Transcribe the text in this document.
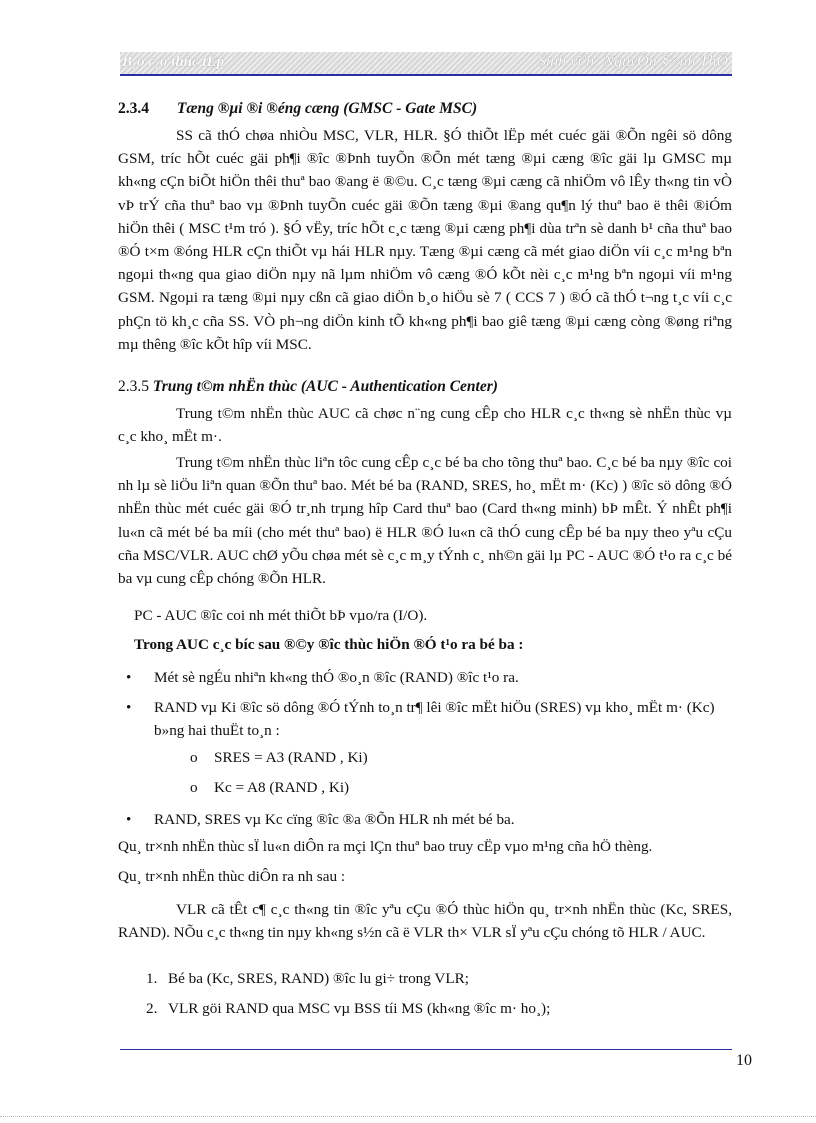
B¸o c¸o thùc tËp	Sinh viªn: NguyÔn §×nh ThÕ
2.3.4 Tæng ®µi ®i ®éng cæng (GMSC - Gate MSC)
SS cã thÓ chøa nhiÒu MSC, VLR, HLR. §Ó thiÕt lËp mét cuéc gäi ®Õn ngêi sö dông GSM, tríc hÕt cuéc gäi ph¶i ®îc ®Þnh tuyÕn ®Õn mét tæng ®µi cæng ®îc gäi lµ GMSC mµ kh«ng cÇn biÕt hiÖn thêi thuª bao ®ang ë ®©u. C¸c tæng ®µi cæng cã nhiÖm vô lÊy th«ng tin vÒ vÞ trÝ cña thuª bao vµ ®Þnh tuyÕn cuéc gäi ®Õn tæng ®µi ®ang qu¶n lý thuª bao ë thêi ®iÓm hiÖn thêi ( MSC t¹m tró ). §Ó vËy, tríc hÕt c¸c tæng ®µi cæng ph¶i dùa trªn sè danh b¹ cña thuª bao ®Ó t×m ®óng HLR cÇn thiÕt vµ hái HLR nµy. Tæng ®µi cæng cã mét giao diÖn víi c¸c m¹ng bªn ngoµi th«ng qua giao diÖn nµy nã lµm nhiÖm vô cæng ®Ó kÕt nèi c¸c m¹ng bªn ngoµi víi m¹ng GSM. Ngoµi ra tæng ®µi nµy cßn cã giao diÖn b¸o hiÖu sè 7 ( CCS 7 ) ®Ó cã thÓ t¬ng t¸c víi c¸c phÇn tö kh¸c cña SS. VÒ ph¬ng diÖn kinh tÕ kh«ng ph¶i bao giê tæng ®µi cæng còng ®øng riªng mµ thêng ®îc kÕt hîp víi MSC.
2.3.5 Trung t©m nhËn thùc (AUC - Authentication Center)
Trung t©m nhËn thùc AUC cã chøc n¨ng cung cÊp cho HLR c¸c th«ng sè nhËn thùc vµ c¸c kho¸ mËt m·.
Trung t©m nhËn thùc liªn tôc cung cÊp c¸c bé ba cho tõng thuª bao. C¸c bé ba nµy ®îc coi nh lµ sè liÖu liªn quan ®Õn thuª bao. Mét bé ba (RAND, SRES, ho¸ mËt m· (Kc) ) ®îc sö dông ®Ó nhËn thùc mét cuéc gäi ®Ó tr¸nh trµng hîp Card thuª bao (Card th«ng minh) bÞ mÊt. Ý nhÊt ph¶i lu«n cã mét bé ba míi (cho mét thuª bao) ë HLR ®Ó lu«n cã thÓ cung cÊp bé ba nµy theo yªu cÇu cña MSC/VLR. AUC chØ yÕu chøa mét sè c¸c m¸y tÝnh c¸ nh©n gäi lµ PC - AUC ®Ó t¹o ra c¸c bé ba vµ cung cÊp chóng ®Õn HLR.
PC - AUC ®îc coi nh mét thiÕt bÞ vµo/ra (I/O).
Trong AUC c¸c bíc sau ®©y ®îc thùc hiÖn ®Ó t¹o ra bé ba :
• Mét sè ngÉu nhiªn kh«ng thÓ ®o¸n ®îc (RAND) ®îc t¹o ra.
• RAND vµ Ki ®îc sö dông ®Ó tÝnh to¸n tr¶ lêi ®îc mËt hiÖu (SRES) vµ kho¸ mËt m· (Kc) b»ng hai thuËt to¸n :
o SRES = A3 (RAND , Ki)
o Kc = A8 (RAND , Ki)
• RAND, SRES vµ Kc cïng ®îc ®a ®Õn HLR nh mét bé ba.
Qu¸ tr×nh nhËn thùc sÏ lu«n diÔn ra mçi lÇn thuª bao truy cËp vµo m¹ng cña hÖ thèng.
Qu¸ tr×nh nhËn thùc diÔn ra nh sau :
VLR cã tÊt c¶ c¸c th«ng tin ®îc yªu cÇu ®Ó thùc hiÖn qu¸ tr×nh nhËn thùc (Kc, SRES, RAND). NÕu c¸c th«ng tin nµy kh«ng s½n cã ë VLR th× VLR sÏ yªu cÇu chóng tõ HLR / AUC.
1. Bé ba (Kc, SRES, RAND) ®îc lu gi÷ trong VLR;
2. VLR göi RAND qua MSC vµ BSS tíi MS (kh«ng ®îc m· ho¸);
10
